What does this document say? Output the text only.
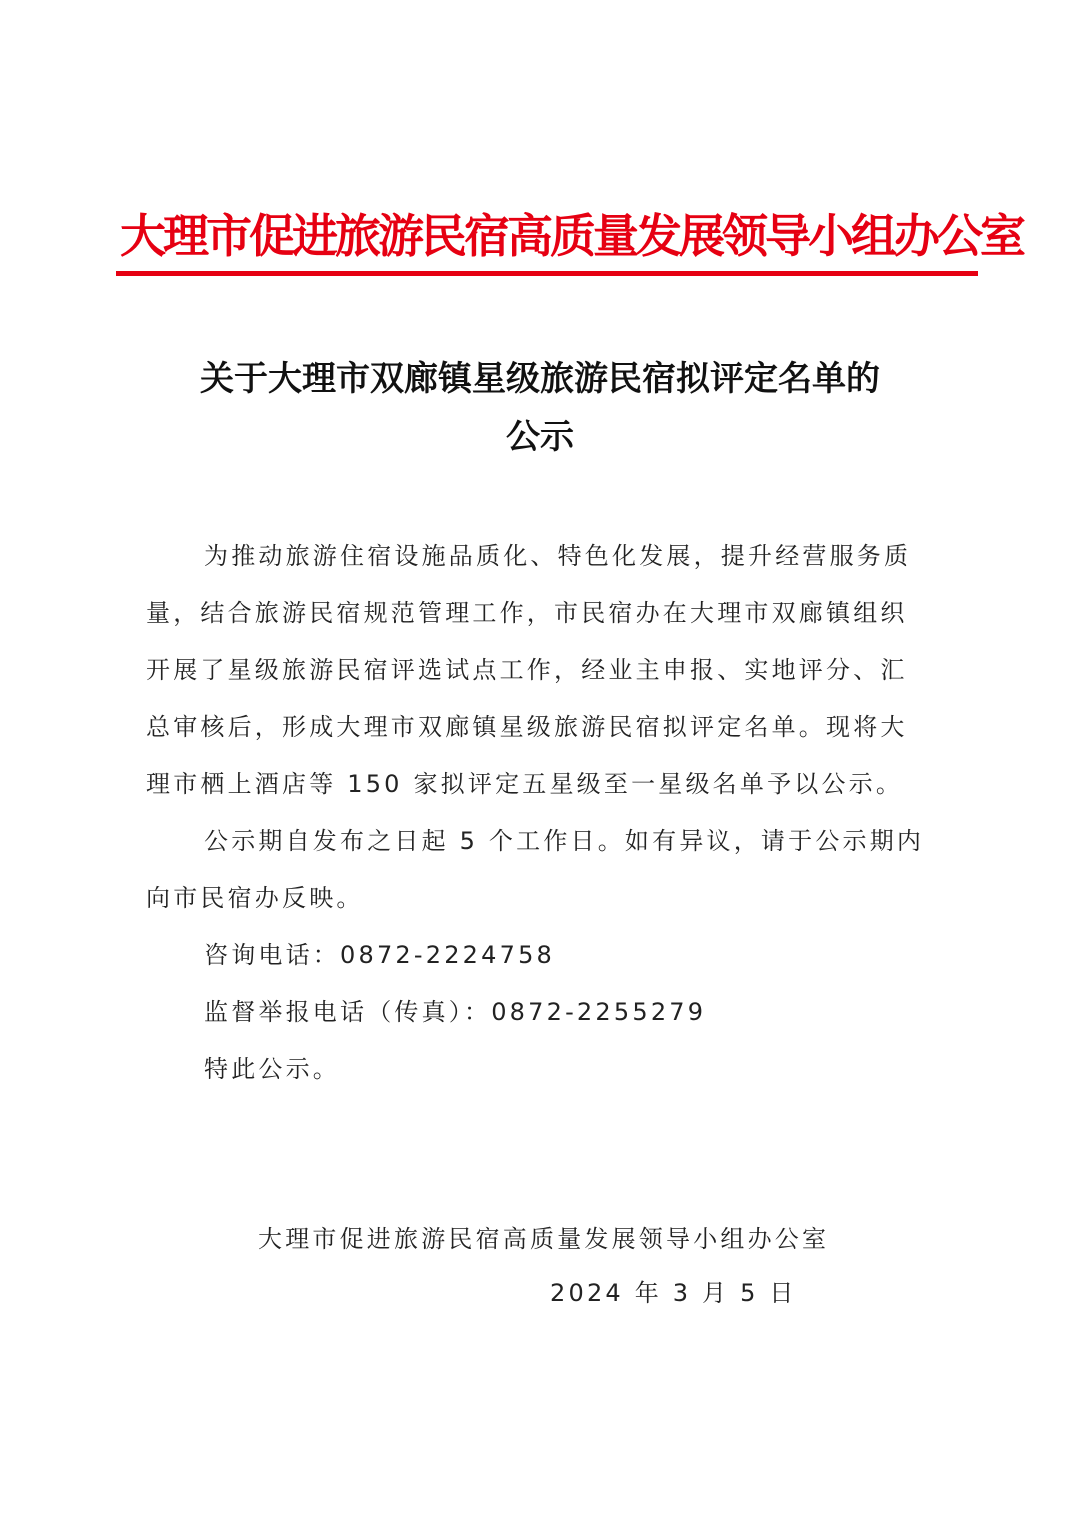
大理市促进旅游民宿高质量发展领导小组办公室
关于大理市双廊镇星级旅游民宿拟评定名单的
公示
为推动旅游住宿设施品质化、特色化发展，提升经营服务质
量，结合旅游民宿规范管理工作，市民宿办在大理市双廊镇组织
开展了星级旅游民宿评选试点工作，经业主申报、实地评分、汇
总审核后，形成大理市双廊镇星级旅游民宿拟评定名单。现将大
理市栖上酒店等 150 家拟评定五星级至一星级名单予以公示。
公示期自发布之日起 5 个工作日。如有异议，请于公示期内
向市民宿办反映。
咨询电话：0872-2224758
监督举报电话（传真）：0872-2255279
特此公示。
大理市促进旅游民宿高质量发展领导小组办公室
2024 年 3 月 5 日
